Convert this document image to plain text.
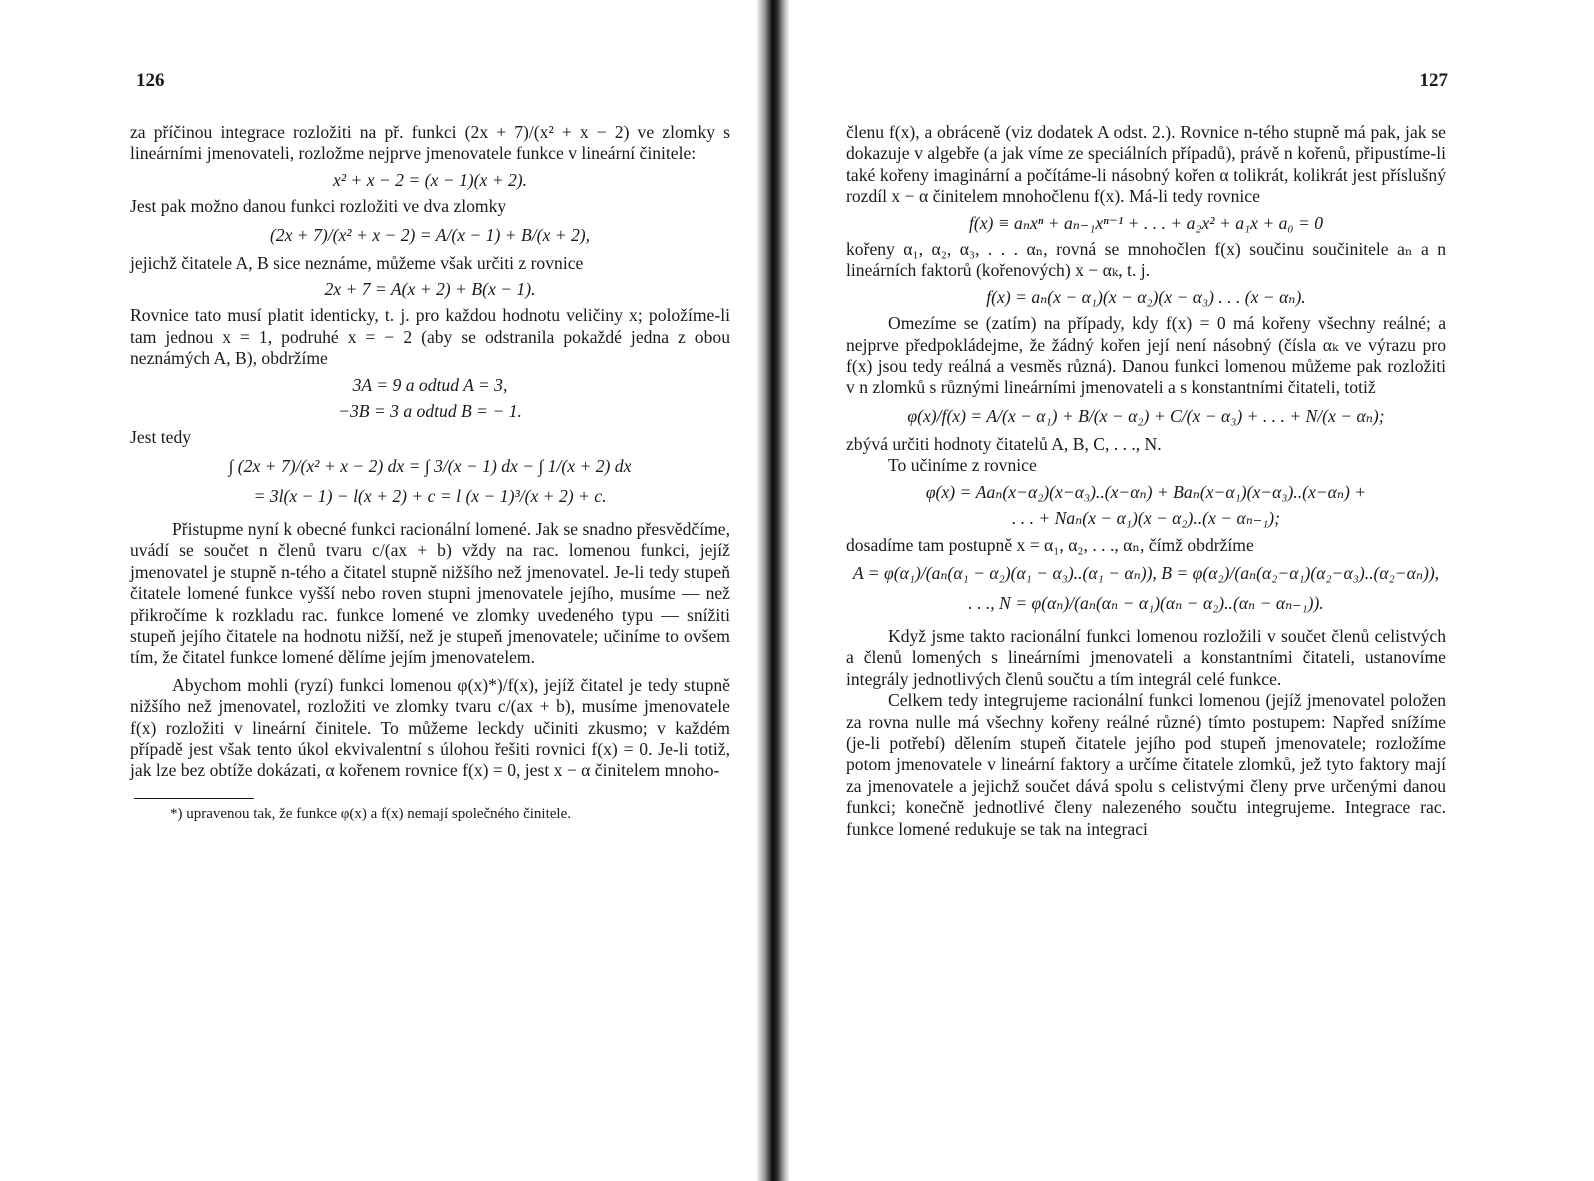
126

za příčinou integrace rozložiti na př. funkci (2x + 7)/(x² + x − 2) ve zlomky s lineárními jmenovateli, rozložme nejprve jmenovatele funkce v lineární činitele:

x² + x − 2 = (x − 1)(x + 2).

Jest pak možno danou funkci rozložiti ve dva zlomky

(2x + 7)/(x² + x − 2) = A/(x − 1) + B/(x + 2),

jejichž čitatele A, B sice neznáme, můžeme však určiti z rovnice

2x + 7 = A(x + 2) + B(x − 1).

Rovnice tato musí platit identicky, t. j. pro každou hodnotu veličiny x; položíme-li tam jednou x = 1, podruhé x = − 2 (aby se odstranila pokaždé jedna z obou neznámých A, B), obdržíme

3A = 9 a odtud A = 3,
−3B = 3 a odtud B = − 1.

Jest tedy

∫ (2x + 7)/(x² + x − 2) dx = ∫ 3/(x − 1) dx − ∫ 1/(x + 2) dx
= 3l(x − 1) − l(x + 2) + c = l (x − 1)³/(x + 2) + c.

Přistupme nyní k obecné funkci racionální lomené. Jak se snadno přesvědčíme, uvádí se součet n členů tvaru c/(ax + b) vždy na rac. lomenou funkci, jejíž jmenovatel je stupně n-tého a čitatel stupně nižšího než jmenovatel. Je-li tedy stupeň čitatele lomené funkce vyšší nebo roven stupni jmenovatele jejího, musíme — než přikročíme k rozkladu rac. funkce lomené ve zlomky uvedeného typu — snížiti stupeň jejího čitatele na hodnotu nižší, než je stupeň jmenovatele; učiníme to ovšem tím, že čitatel funkce lomené dělíme jejím jmenovatelem.

Abychom mohli (ryzí) funkci lomenou φ(x)*)/f(x), jejíž čitatel je tedy stupně nižšího než jmenovatel, rozložiti ve zlomky tvaru c/(ax + b), musíme jmenovatele f(x) rozložiti v lineární činitele. To můžeme leckdy učiniti zkusmo; v každém případě jest však tento úkol ekvivalentní s úlohou řešiti rovnici f(x) = 0. Je-li totiž, jak lze bez obtíže dokázati, α kořenem rovnice f(x) = 0, jest x − α činitelem mnoho-

*) upravenou tak, že funkce φ(x) a f(x) nemají společného činitele.

127

členu f(x), a obráceně (viz dodatek A odst. 2.). Rovnice n-tého stupně má pak, jak se dokazuje v algebře (a jak víme ze speciálních případů), právě n kořenů, připustíme-li také kořeny imaginární a počítáme-li násobný kořen α tolikrát, kolikrát jest příslušný rozdíl x − α činitelem mnohočlenu f(x). Má-li tedy rovnice

f(x) ≡ aₙxⁿ + aₙ₋₁xⁿ⁻¹ + . . . + a₂x² + a₁x + a₀ = 0

kořeny α₁, α₂, α₃, . . . αₙ, rovná se mnohočlen f(x) součinu součinitele aₙ a n lineárních faktorů (kořenových) x − αₖ, t. j.

f(x) = aₙ(x − α₁)(x − α₂)(x − α₃) . . . (x − αₙ).

Omezíme se (zatím) na případy, kdy f(x) = 0 má kořeny všechny reálné; a nejprve předpokládejme, že žádný kořen její není násobný (čísla αₖ ve výrazu pro f(x) jsou tedy reálná a vesměs různá). Danou funkci lomenou můžeme pak rozložiti v n zlomků s různými lineárními jmenovateli a s konstantními čitateli, totiž

φ(x)/f(x) = A/(x − α₁) + B/(x − α₂) + C/(x − α₃) + . . . + N/(x − αₙ);

zbývá určiti hodnoty čitatelů A, B, C, . . ., N.

To učiníme z rovnice

φ(x) = Aaₙ(x−α₂)(x−α₃)..(x−αₙ) + Baₙ(x−α₁)(x−α₃)..(x−αₙ) +
. . . + Naₙ(x − α₁)(x − α₂)..(x − αₙ₋₁);

dosadíme tam postupně x = α₁, α₂, . . ., αₙ, čímž obdržíme

A = φ(α₁)/(aₙ(α₁ − α₂)(α₁ − α₃)..(α₁ − αₙ)), B = φ(α₂)/(aₙ(α₂−α₁)(α₂−α₃)..(α₂−αₙ)),
. . ., N = φ(αₙ)/(aₙ(αₙ − α₁)(αₙ − α₂)..(αₙ − αₙ₋₁)).

Když jsme takto racionální funkci lomenou rozložili v součet členů celistvých a členů lomených s lineárními jmenovateli a konstantními čitateli, ustanovíme integrály jednotlivých členů součtu a tím integrál celé funkce.

Celkem tedy integrujeme racionální funkci lomenou (jejíž jmenovatel položen za rovna nulle má všechny kořeny reálné různé) tímto postupem: Napřed snížíme (je-li potřebí) dělením stupeň čitatele jejího pod stupeň jmenovatele; rozložíme potom jmenovatele v lineární faktory a určíme čitatele zlomků, jež tyto faktory mají za jmenovatele a jejichž součet dává spolu s celistvými členy prve určenými danou funkci; konečně jednotlivé členy nalezeného součtu integrujeme. Integrace rac. funkce lomené redukuje se tak na integraci
